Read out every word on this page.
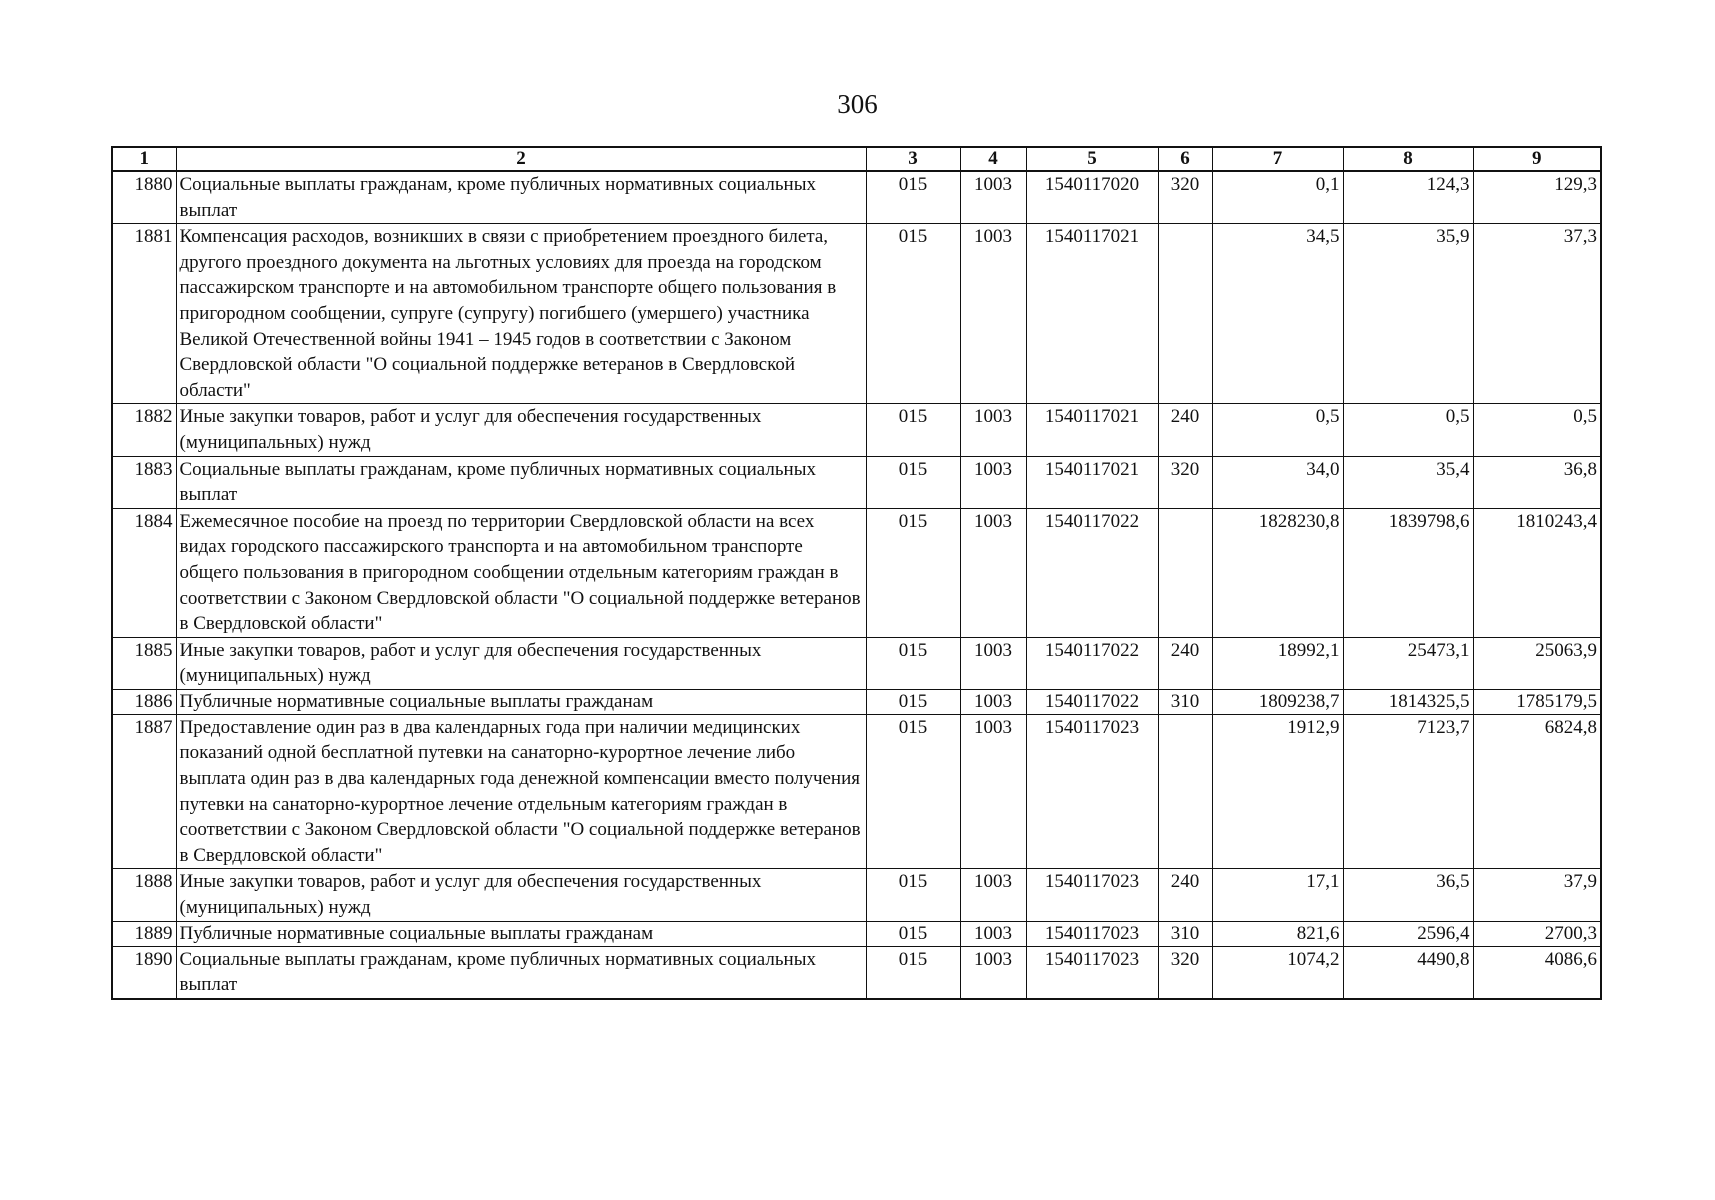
306
1	2	3	4	5	6	7	8	9
1880	Социальные выплаты гражданам, кроме публичных нормативных социальных выплат	015	1003	1540117020	320	0,1	124,3	129,3
1881	Компенсация расходов, возникших в связи с приобретением проездного билета, другого проездного документа на льготных условиях для проезда на городском пассажирском транспорте и на автомобильном транспорте общего пользования в пригородном сообщении, супруге (супругу) погибшего (умершего) участника Великой Отечественной войны 1941 – 1945 годов в соответствии с Законом Свердловской области "О социальной поддержке ветеранов в Свердловской области"	015	1003	1540117021		34,5	35,9	37,3
1882	Иные закупки товаров, работ и услуг для обеспечения государственных (муниципальных) нужд	015	1003	1540117021	240	0,5	0,5	0,5
1883	Социальные выплаты гражданам, кроме публичных нормативных социальных выплат	015	1003	1540117021	320	34,0	35,4	36,8
1884	Ежемесячное пособие на проезд по территории Свердловской области на всех видах городского пассажирского транспорта и на автомобильном транспорте общего пользования в пригородном сообщении отдельным категориям граждан в соответствии с Законом Свердловской области "О социальной поддержке ветеранов в Свердловской области"	015	1003	1540117022		1828230,8	1839798,6	1810243,4
1885	Иные закупки товаров, работ и услуг для обеспечения государственных (муниципальных) нужд	015	1003	1540117022	240	18992,1	25473,1	25063,9
1886	Публичные нормативные социальные выплаты гражданам	015	1003	1540117022	310	1809238,7	1814325,5	1785179,5
1887	Предоставление один раз в два календарных года при наличии медицинских показаний одной бесплатной путевки на санаторно-курортное лечение либо выплата один раз в два календарных года денежной компенсации вместо получения путевки на санаторно-курортное лечение отдельным категориям граждан в соответствии с Законом Свердловской области "О социальной поддержке ветеранов в Свердловской области"	015	1003	1540117023		1912,9	7123,7	6824,8
1888	Иные закупки товаров, работ и услуг для обеспечения государственных (муниципальных) нужд	015	1003	1540117023	240	17,1	36,5	37,9
1889	Публичные нормативные социальные выплаты гражданам	015	1003	1540117023	310	821,6	2596,4	2700,3
1890	Социальные выплаты гражданам, кроме публичных нормативных социальных выплат	015	1003	1540117023	320	1074,2	4490,8	4086,6
